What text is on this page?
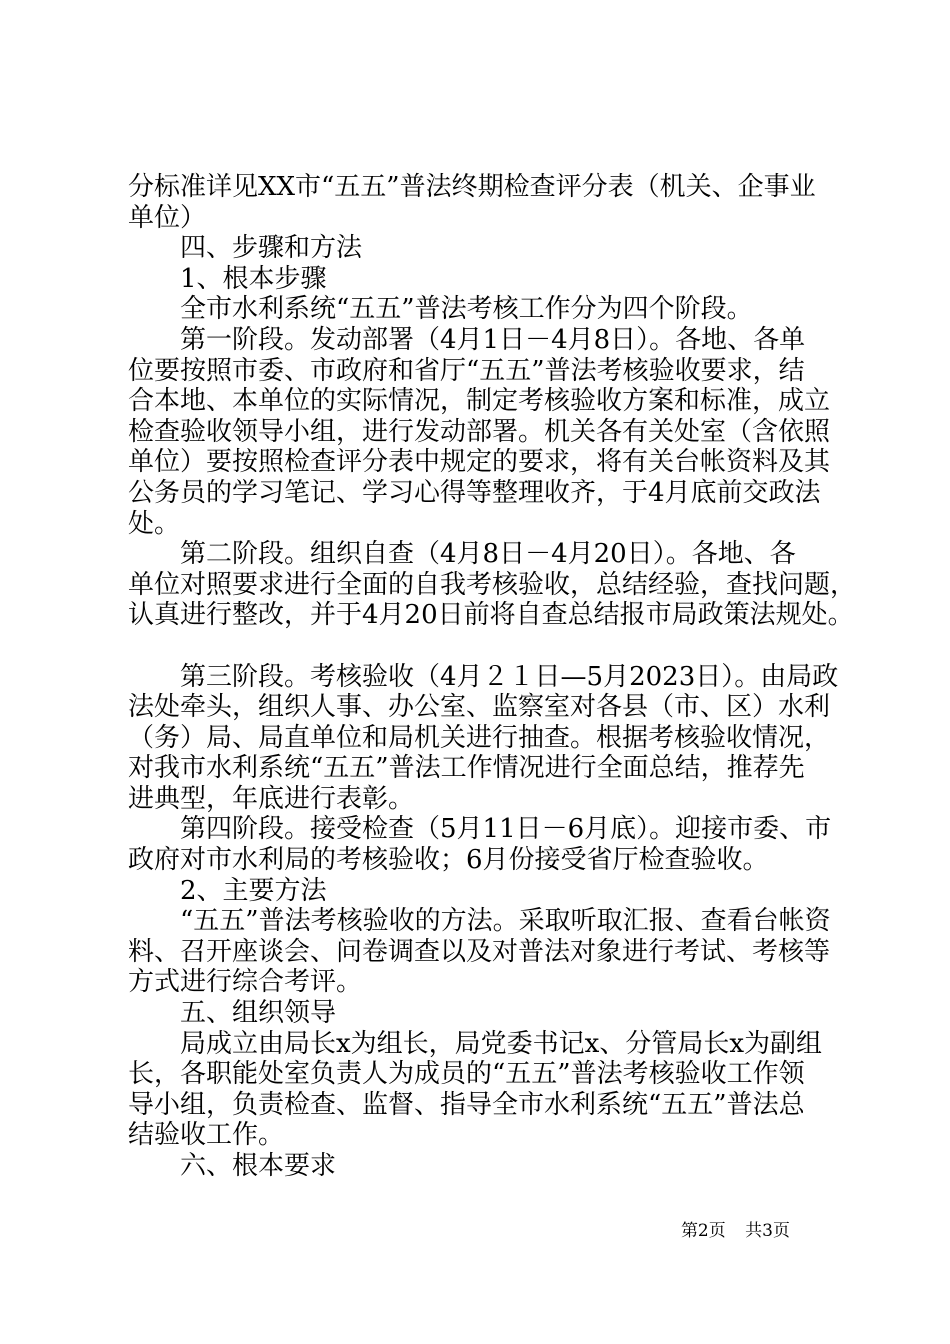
分标准详见XX市“五五”普法终期检查评分表（机关、企事业
单位）
四、步骤和方法
1、根本步骤
全市水利系统“五五”普法考核工作分为四个阶段。
第一阶段。发动部署（4月1日－4月8日）。各地、各单
位要按照市委、市政府和省厅“五五”普法考核验收要求，结
合本地、本单位的实际情况，制定考核验收方案和标准，成立
检查验收领导小组，进行发动部署。机关各有关处室（含依照
单位）要按照检查评分表中规定的要求，将有关台帐资料及其
公务员的学习笔记、学习心得等整理收齐，于4月底前交政法
处。
第二阶段。组织自查（4月8日－4月20日）。各地、各
单位对照要求进行全面的自我考核验收，总结经验，查找问题，
认真进行整改，并于4月20日前将自查总结报市局政策法规处。

第三阶段。考核验收（4月２１日—5月2023日）。由局政
法处牵头，组织人事、办公室、监察室对各县（市、区）水利
（务）局、局直单位和局机关进行抽查。根据考核验收情况，
对我市水利系统“五五”普法工作情况进行全面总结，推荐先
进典型，年底进行表彰。
第四阶段。接受检查（5月11日－6月底）。迎接市委、市
政府对市水利局的考核验收；6月份接受省厅检查验收。
2、主要方法
“五五”普法考核验收的方法。采取听取汇报、查看台帐资
料、召开座谈会、问卷调查以及对普法对象进行考试、考核等
方式进行综合考评。
五、组织领导
局成立由局长x为组长，局党委书记x、分管局长x为副组
长，各职能处室负责人为成员的“五五”普法考核验收工作领
导小组，负责检查、监督、指导全市水利系统“五五”普法总
结验收工作。
六、根本要求
第2页 共3页
